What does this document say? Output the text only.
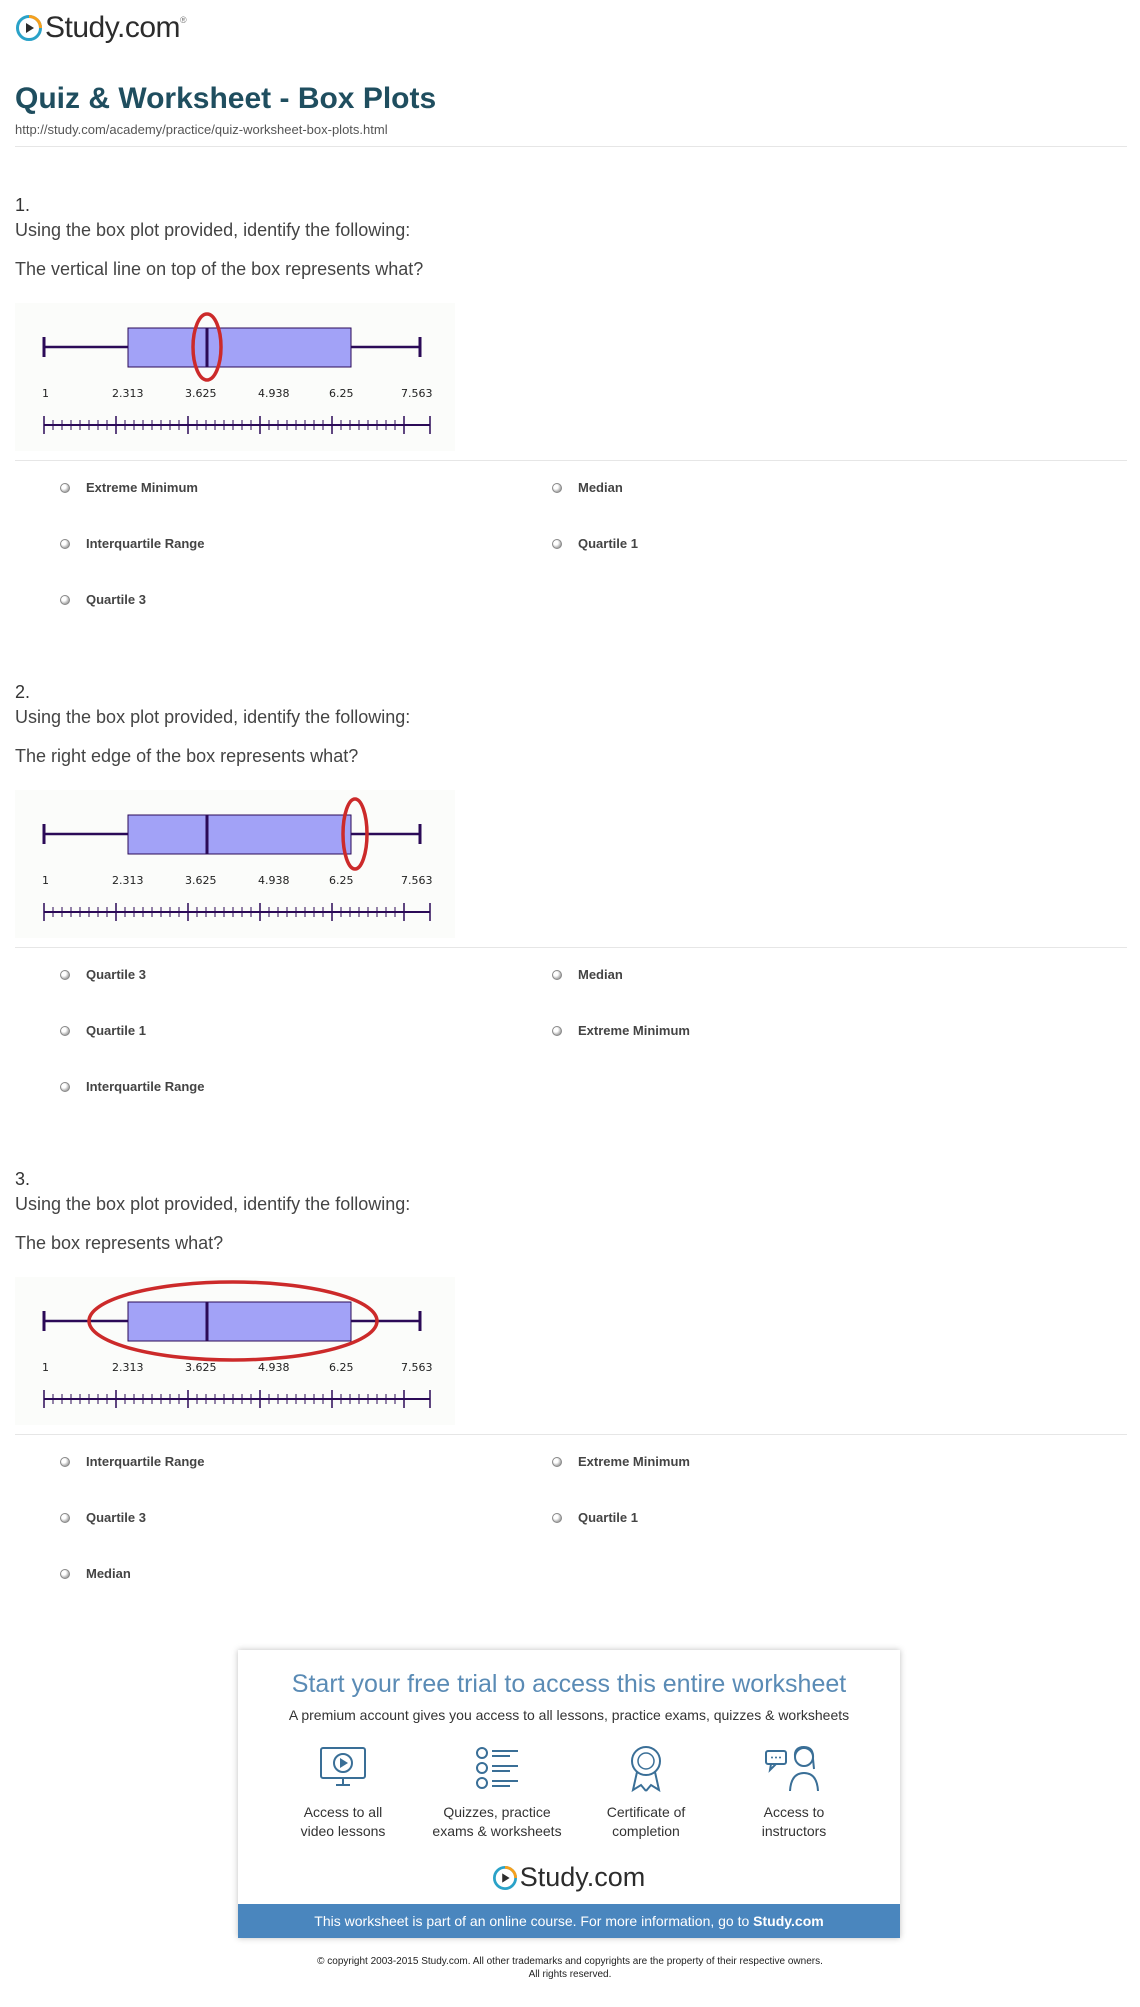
Study.com ®
Quiz & Worksheet - Box Plots
http://study.com/academy/practice/quiz-worksheet-box-plots.html
1.
Using the box plot provided, identify the following:
The vertical line on top of the box represents what?
1	2.313	3.625	4.938	6.25	7.563
Extreme Minimum	Median
Interquartile Range	Quartile 1
Quartile 3
2.
Using the box plot provided, identify the following:
The right edge of the box represents what?
1	2.313	3.625	4.938	6.25	7.563
Quartile 3	Median
Quartile 1	Extreme Minimum
Interquartile Range
3.
Using the box plot provided, identify the following:
The box represents what?
1	2.313	3.625	4.938	6.25	7.563
Interquartile Range	Extreme Minimum
Quartile 3	Quartile 1
Median
Start your free trial to access this entire worksheet
A premium account gives you access to all lessons, practice exams, quizzes & worksheets
Access to all
video lessons
Quizzes, practice
exams & worksheets
Certificate of
completion
Access to
instructors
Study.com
This worksheet is part of an online course. For more information, go to Study.com
© copyright 2003-2015 Study.com. All other trademarks and copyrights are the property of their respective owners.
All rights reserved.
